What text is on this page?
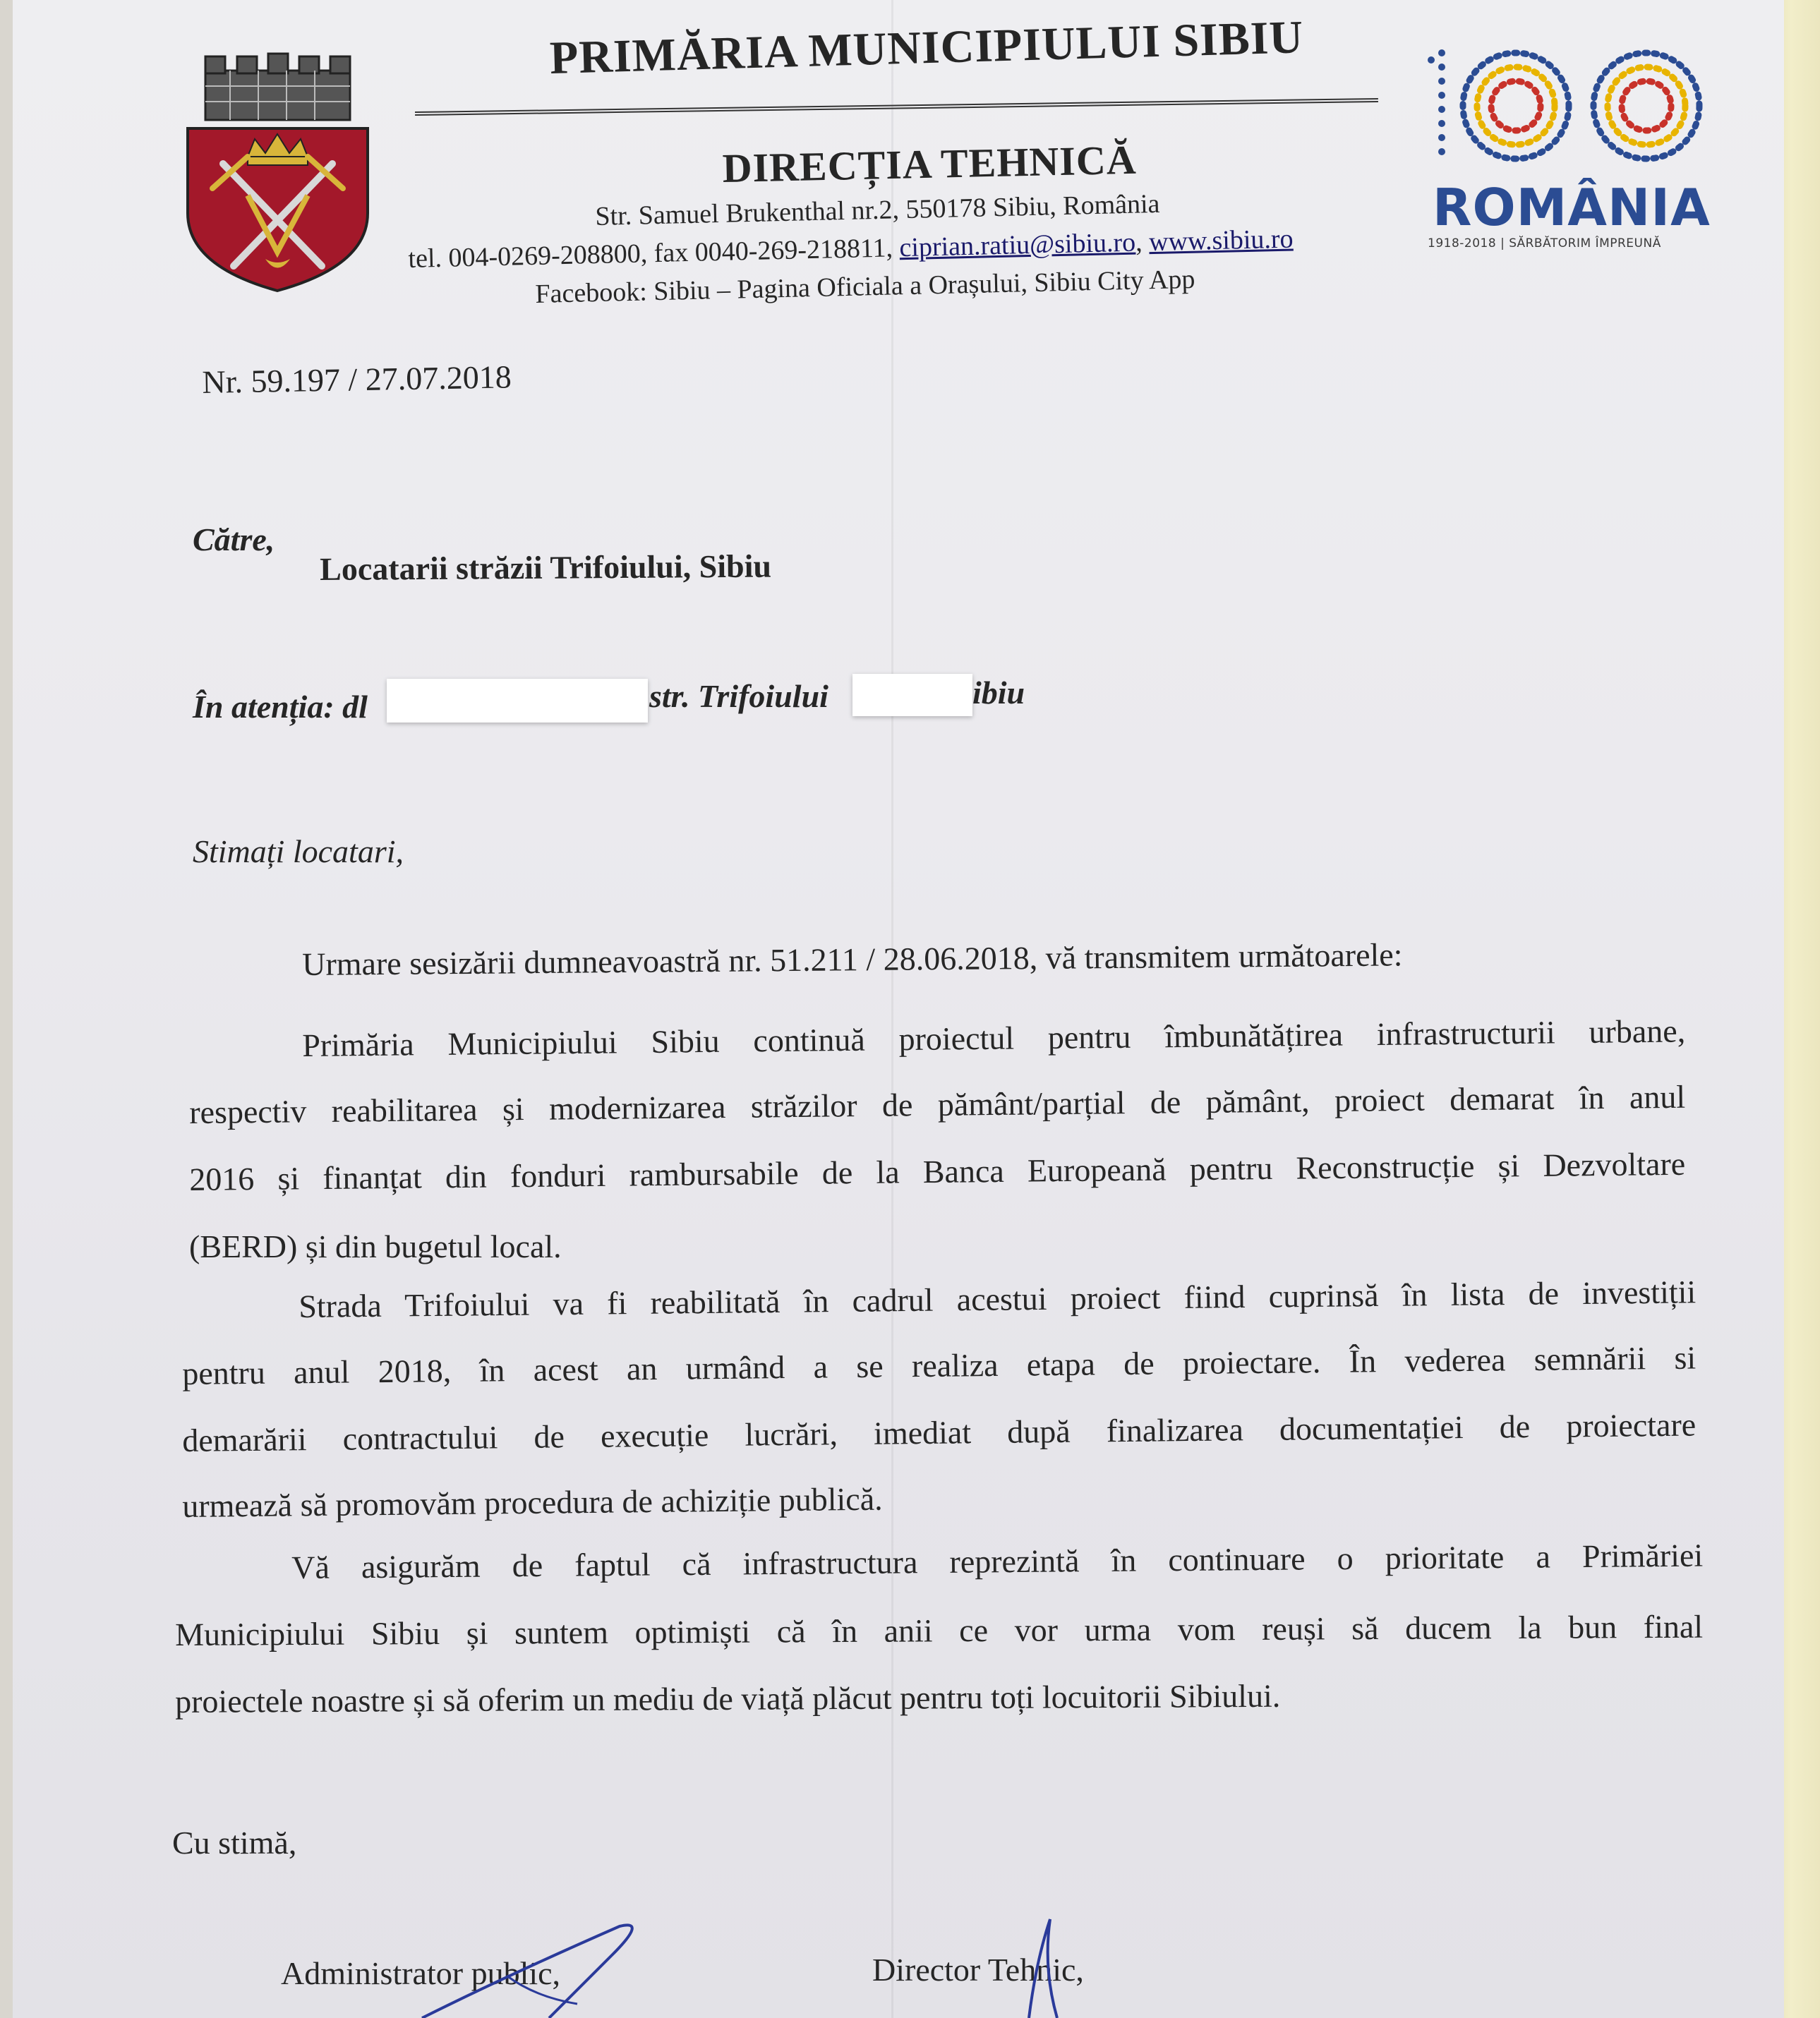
PRIMĂRIA MUNICIPIULUI SIBIU
DIRECȚIA TEHNICĂ
Str. Samuel Brukenthal nr.2, 550178 Sibiu, România
tel. 004-0269-208800, fax 0040-269-218811, ciprian.ratiu@sibiu.ro, www.sibiu.ro
Facebook: Sibiu – Pagina Oficiala a Orașului, Sibiu City App
ROMÂNIA
1918-2018 | SĂRBĂTORIM ÎMPREUNĂ
Nr. 59.197 / 27.07.2018
Către,
Locatarii străzii Trifoiului, Sibiu
În atenția: dl	str. Trifoiului	ibiu
Stimați locatari,
Urmare sesizării dumneavoastră nr. 51.211 / 28.06.2018, vă transmitem următoarele:
Primăria Municipiului Sibiu continuă proiectul pentru îmbunătățirea infrastructurii urbane,
respectiv reabilitarea și modernizarea străzilor de pământ/parțial de pământ, proiect demarat în anul
2016 și finanțat din fonduri rambursabile de la Banca Europeană pentru Reconstrucție și Dezvoltare
(BERD) și din bugetul local.
Strada Trifoiului va fi reabilitată în cadrul acestui proiect fiind cuprinsă în lista de investiții
pentru anul 2018, în acest an urmând a se realiza etapa de proiectare. În vederea semnării si
demarării contractului de execuție lucrări, imediat după finalizarea documentației de proiectare
urmează să promovăm procedura de achiziție publică.
Vă asigurăm de faptul că infrastructura reprezintă în continuare o prioritate a Primăriei
Municipiului Sibiu și suntem optimiști că în anii ce vor urma vom reuși să ducem la bun final
proiectele noastre și să oferim un mediu de viață plăcut pentru toți locuitorii Sibiului.
Cu stimă,
Administrator public,	Director Tehnic,
